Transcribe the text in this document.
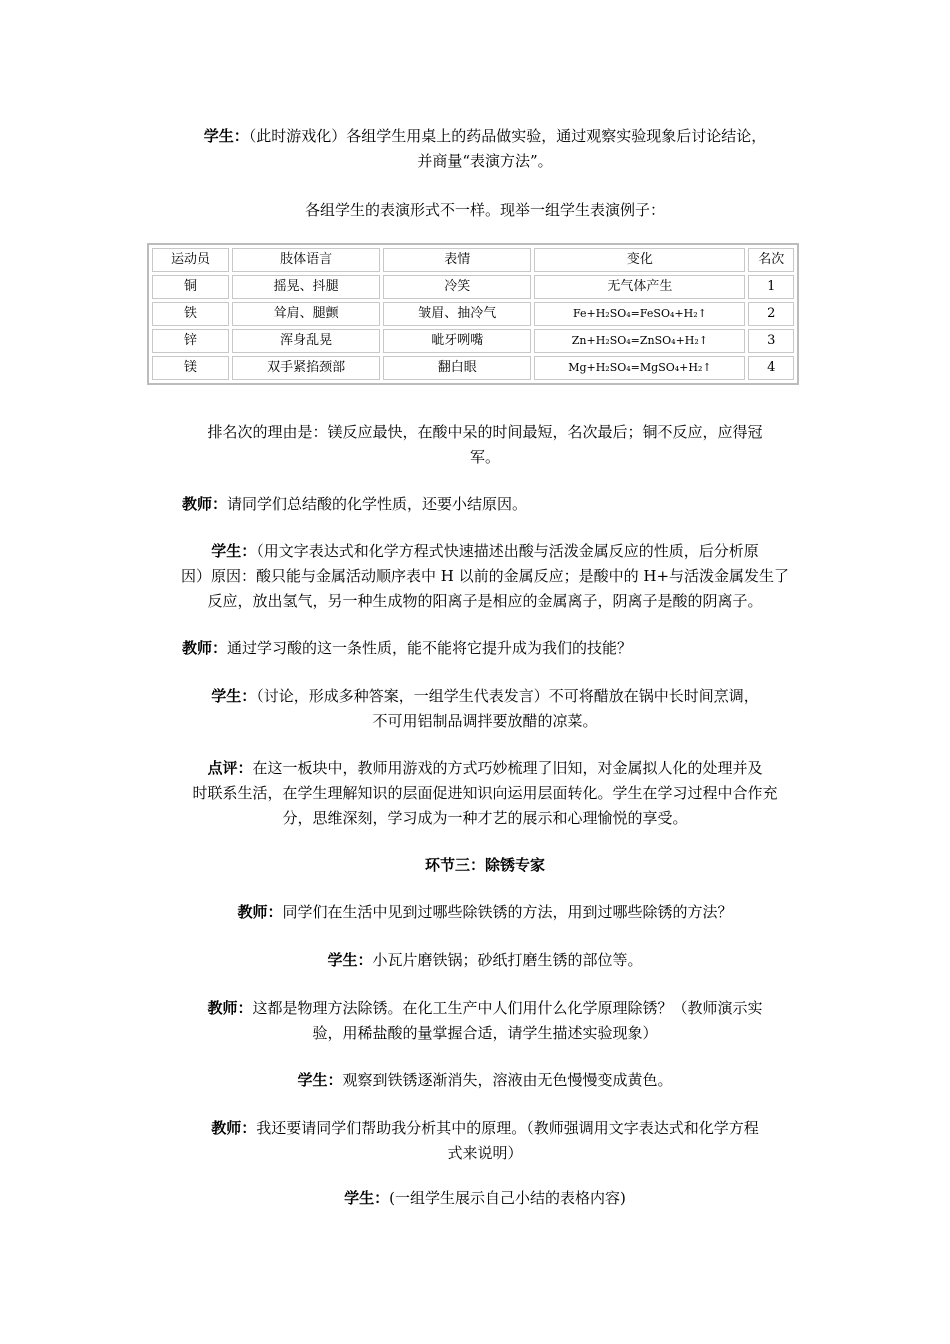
学生：（此时游戏化）各组学生用桌上的药品做实验，通过观察实验现象后讨论结论，
并商量“表演方法”。
各组学生的表演形式不一样。现举一组学生表演例子：
运动员	肢体语言	表情	变化	名次
铜	摇晃、抖腿	冷笑	无气体产生	1
铁	耸肩、腿颤	皱眉、抽冷气	Fe+H₂SO₄=FeSO₄+H₂↑	2
锌	浑身乱晃	呲牙咧嘴	Zn+H₂SO₄=ZnSO₄+H₂↑	3
镁	双手紧掐颈部	翻白眼	Mg+H₂SO₄=MgSO₄+H₂↑	4
排名次的理由是：镁反应最快，在酸中呆的时间最短，名次最后；铜不反应，应得冠
军。
教师：请同学们总结酸的化学性质，还要小结原因。
学生：（用文字表达式和化学方程式快速描述出酸与活泼金属反应的性质，后分析原
因）原因：酸只能与金属活动顺序表中 H 以前的金属反应；是酸中的 H+与活泼金属发生了
反应，放出氢气，另一种生成物的阳离子是相应的金属离子，阴离子是酸的阴离子。
教师：通过学习酸的这一条性质，能不能将它提升成为我们的技能？
学生：（讨论，形成多种答案，一组学生代表发言）不可将醋放在锅中长时间烹调，
不可用铝制品调拌要放醋的凉菜。
点评：在这一板块中，教师用游戏的方式巧妙梳理了旧知，对金属拟人化的处理并及
时联系生活，在学生理解知识的层面促进知识向运用层面转化。学生在学习过程中合作充
分，思维深刻，学习成为一种才艺的展示和心理愉悦的享受。
环节三：除锈专家
教师：同学们在生活中见到过哪些除铁锈的方法，用到过哪些除锈的方法？
学生：小瓦片磨铁锅；砂纸打磨生锈的部位等。
教师：这都是物理方法除锈。在化工生产中人们用什么化学原理除锈？（教师演示实
验，用稀盐酸的量掌握合适，请学生描述实验现象）
学生：观察到铁锈逐渐消失，溶液由无色慢慢变成黄色。
教师：我还要请同学们帮助我分析其中的原理。（教师强调用文字表达式和化学方程
式来说明）
学生：(一组学生展示自己小结的表格内容)
